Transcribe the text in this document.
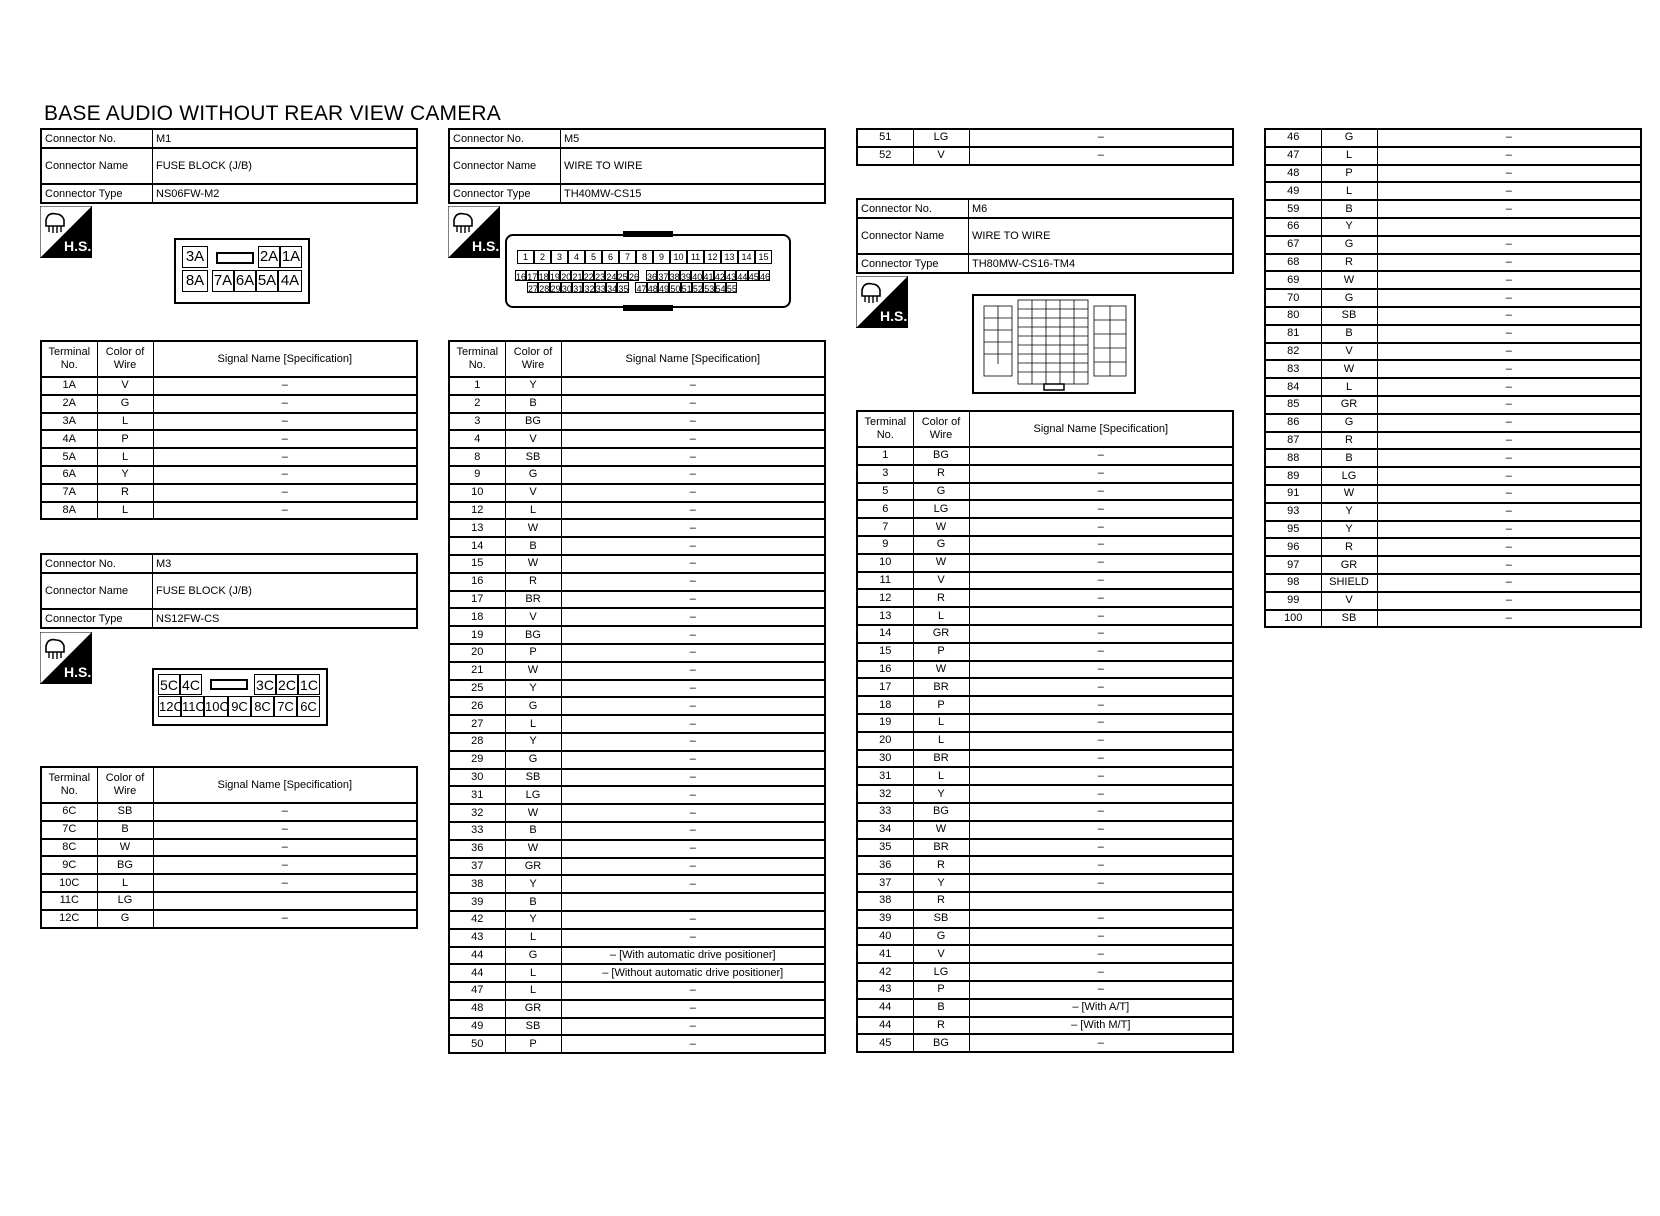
BASE AUDIO WITHOUT REAR VIEW CAMERA
Connector No.	M1
Connector Name	FUSE BLOCK (J/B)
Connector Type	NS06FW-M2
H.S.
3A	2A 1A
8A 7A 6A 5A 4A
Terminal No.	Color of Wire	Signal Name [Specification]
1A	V	–
2A	G	–
3A	L	–
4A	P	–
5A	L	–
6A	Y	–
7A	R	–
8A	L	–
Connector No.	M3
Connector Name	FUSE BLOCK (J/B)
Connector Type	NS12FW-CS
H.S.
5C 4C	3C 2C 1C
12C 11C 10C 9C 8C 7C 6C
Terminal No.	Color of Wire	Signal Name [Specification]
6C	SB	–
7C	B	–
8C	W	–
9C	BG	–
10C	L	–
11C	LG	
12C	G	–
Connector No.	M5
Connector Name	WIRE TO WIRE
Connector Type	TH40MW-CS15
H.S.
1	2	3	4	5	6	7	8	9	10 11 12 13 14 15
16 17 18 19 20 21 22 23 24 25 26 36 37 38 39 40 41 42 43 44 45 46
27 28 29 30 31 32 33 34 35 47 48 49 50 51 52 53 54 55
Terminal No.	Color of Wire	Signal Name [Specification]
1	Y	–
2	B	–
3	BG	–
4	V	–
8	SB	–
9	G	–
10	V	–
12	L	–
13	W	–
14	B	–
15	W	–
16	R	–
17	BR	–
18	V	–
19	BG	–
20	P	–
21	W	–
25	Y	–
26	G	–
27	L	–
28	Y	–
29	G	–
30	SB	–
31	LG	–
32	W	–
33	B	–
36	W	–
37	GR	–
38	Y	–
39	B	
42	Y	–
43	L	–
44	G	– [With automatic drive positioner]
44	L	– [Without automatic drive positioner]
47	L	–
48	GR	–
49	SB	–
50	P	–
51	LG	–
52	V	–
Connector No.	M6
Connector Name	WIRE TO WIRE
Connector Type	TH80MW-CS16-TM4
H.S.
Terminal No.	Color of Wire	Signal Name [Specification]
1	BG	–
3	R	–
5	G	–
6	LG	–
7	W	–
9	G	–
10	W	–
11	V	–
12	R	–
13	L	–
14	GR	–
15	P	–
16	W	–
17	BR	–
18	P	–
19	L	–
20	L	–
30	BR	–
31	L	–
32	Y	–
33	BG	–
34	W	–
35	BR	–
36	R	–
37	Y	–
38	R	
39	SB	–
40	G	–
41	V	–
42	LG	–
43	P	–
44	B	– [With A/T]
44	R	– [With M/T]
45	BG	–
46	G	–
47	L	–
48	P	–
49	L	–
59	B	–
66	Y	
67	G	–
68	R	–
69	W	–
70	G	–
80	SB	–
81	B	–
82	V	–
83	W	–
84	L	–
85	GR	–
86	G	–
87	R	–
88	B	–
89	LG	–
91	W	–
93	Y	–
95	Y	–
96	R	–
97	GR	–
98	SHIELD	–
99	V	–
100	SB	–
